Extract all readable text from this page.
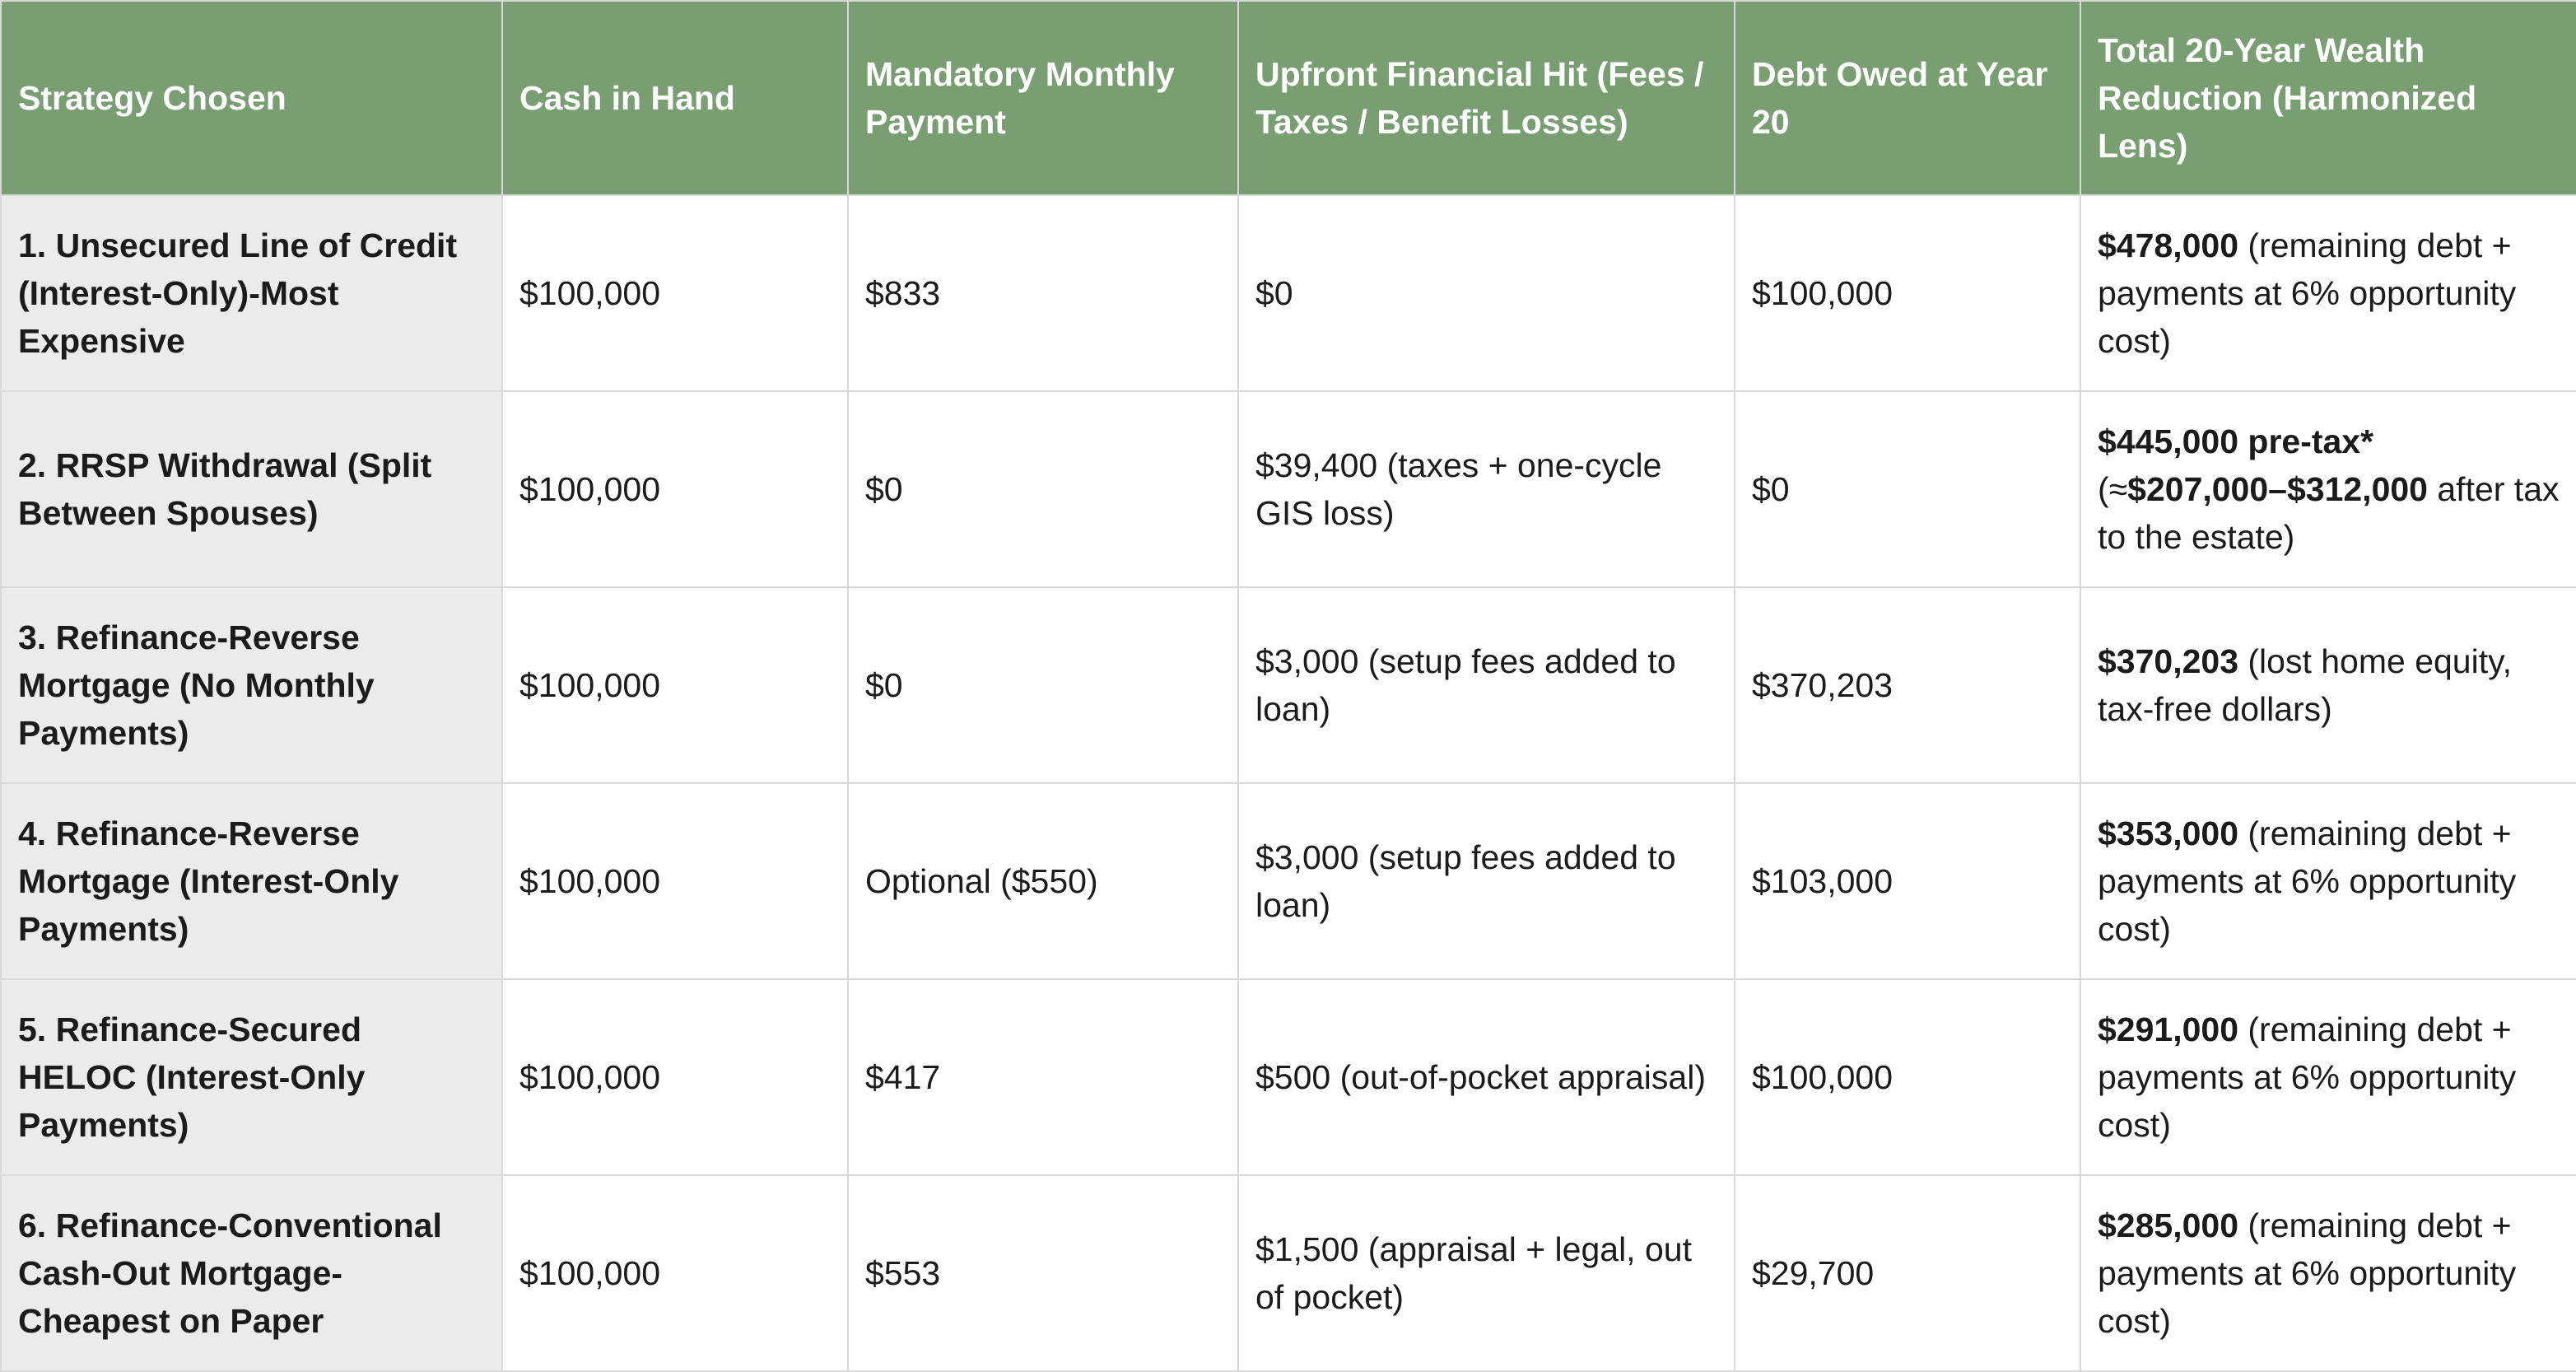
Strategy Chosen	Cash in Hand	Mandatory Monthly Payment	Upfront Financial Hit (Fees / Taxes / Benefit Losses)	Debt Owed at Year 20	Total 20-Year Wealth Reduction (Harmonized Lens)
1. Unsecured Line of Credit (Interest-Only)-Most Expensive	$100,000	$833	$0	$100,000	$478,000 (remaining debt + payments at 6% opportunity cost)
2. RRSP Withdrawal (Split Between Spouses)	$100,000	$0	$39,400 (taxes + one-cycle GIS loss)	$0	$445,000 pre-tax* (≈$207,000–$312,000 after tax to the estate)
3. Refinance-Reverse Mortgage (No Monthly Payments)	$100,000	$0	$3,000 (setup fees added to loan)	$370,203	$370,203 (lost home equity, tax-free dollars)
4. Refinance-Reverse Mortgage (Interest-Only Payments)	$100,000	Optional ($550)	$3,000 (setup fees added to loan)	$103,000	$353,000 (remaining debt + payments at 6% opportunity cost)
5. Refinance-Secured HELOC (Interest-Only Payments)	$100,000	$417	$500 (out-of-pocket appraisal)	$100,000	$291,000 (remaining debt + payments at 6% opportunity cost)
6. Refinance-Conventional Cash-Out Mortgage-Cheapest on Paper	$100,000	$553	$1,500 (appraisal + legal, out of pocket)	$29,700	$285,000 (remaining debt + payments at 6% opportunity cost)
